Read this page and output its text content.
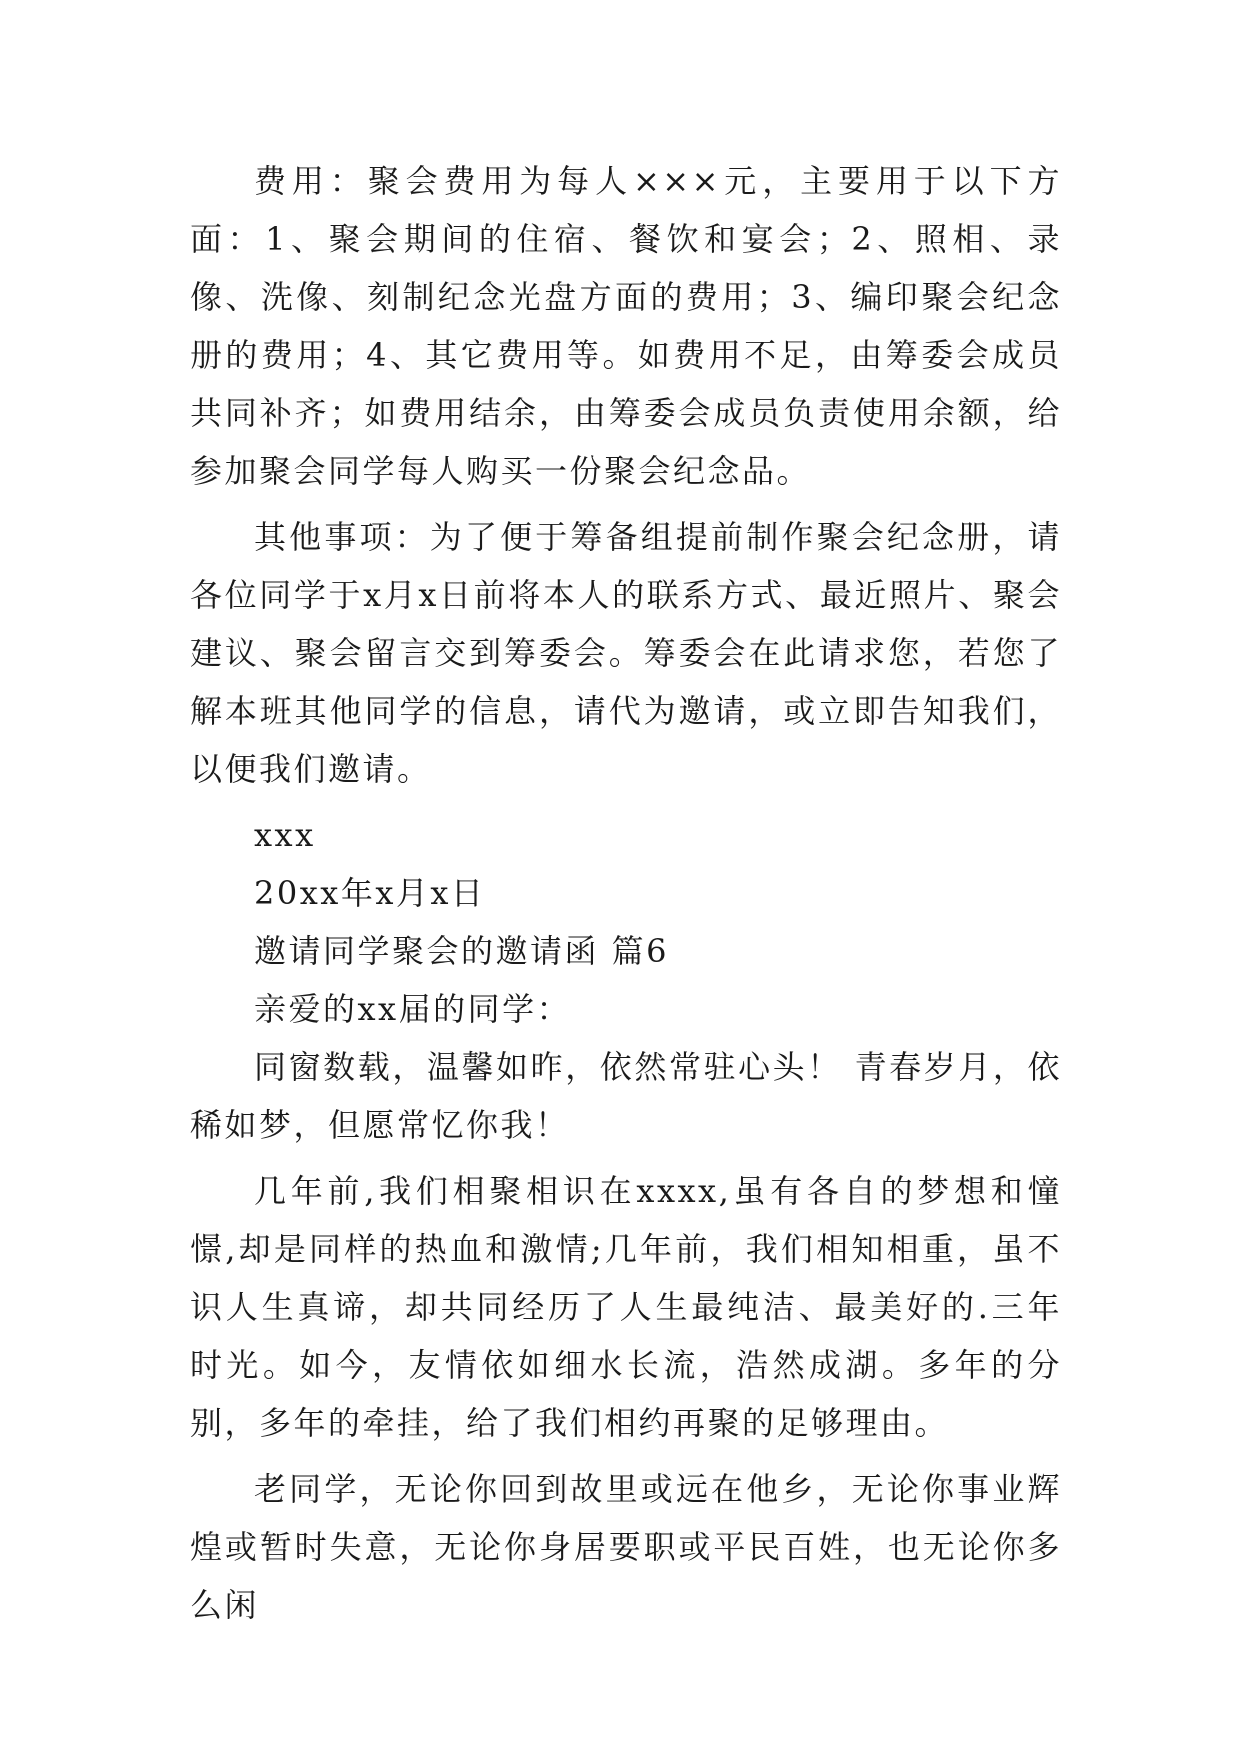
费用：聚会费用为每人×××元，主要用于以下方面：1、聚会期间的住宿、餐饮和宴会；2、照相、录像、洗像、刻制纪念光盘方面的费用；3、编印聚会纪念册的费用；4、其它费用等。如费用不足，由筹委会成员共同补齐；如费用结余，由筹委会成员负责使用余额，给参加聚会同学每人购买一份聚会纪念品。

其他事项：为了便于筹备组提前制作聚会纪念册，请各位同学于x月x日前将本人的联系方式、最近照片、聚会建议、聚会留言交到筹委会。筹委会在此请求您，若您了解本班其他同学的信息，请代为邀请，或立即告知我们，以便我们邀请。

xxx

20xx年x月x日

邀请同学聚会的邀请函 篇6

亲爱的xx届的同学：

同窗数载，温馨如昨，依然常驻心头！ 青春岁月，依稀如梦，但愿常忆你我！

几年前,我们相聚相识在xxxx,虽有各自的梦想和憧憬,却是同样的热血和激情;几年前，我们相知相重，虽不识人生真谛，却共同经历了人生最纯洁、最美好的.三年时光。如今，友情依如细水长流，浩然成湖。多年的分别，多年的牵挂，给了我们相约再聚的足够理由。

老同学，无论你回到故里或远在他乡，无论你事业辉煌或暂时失意，无论你身居要职或平民百姓，也无论你多么闲
